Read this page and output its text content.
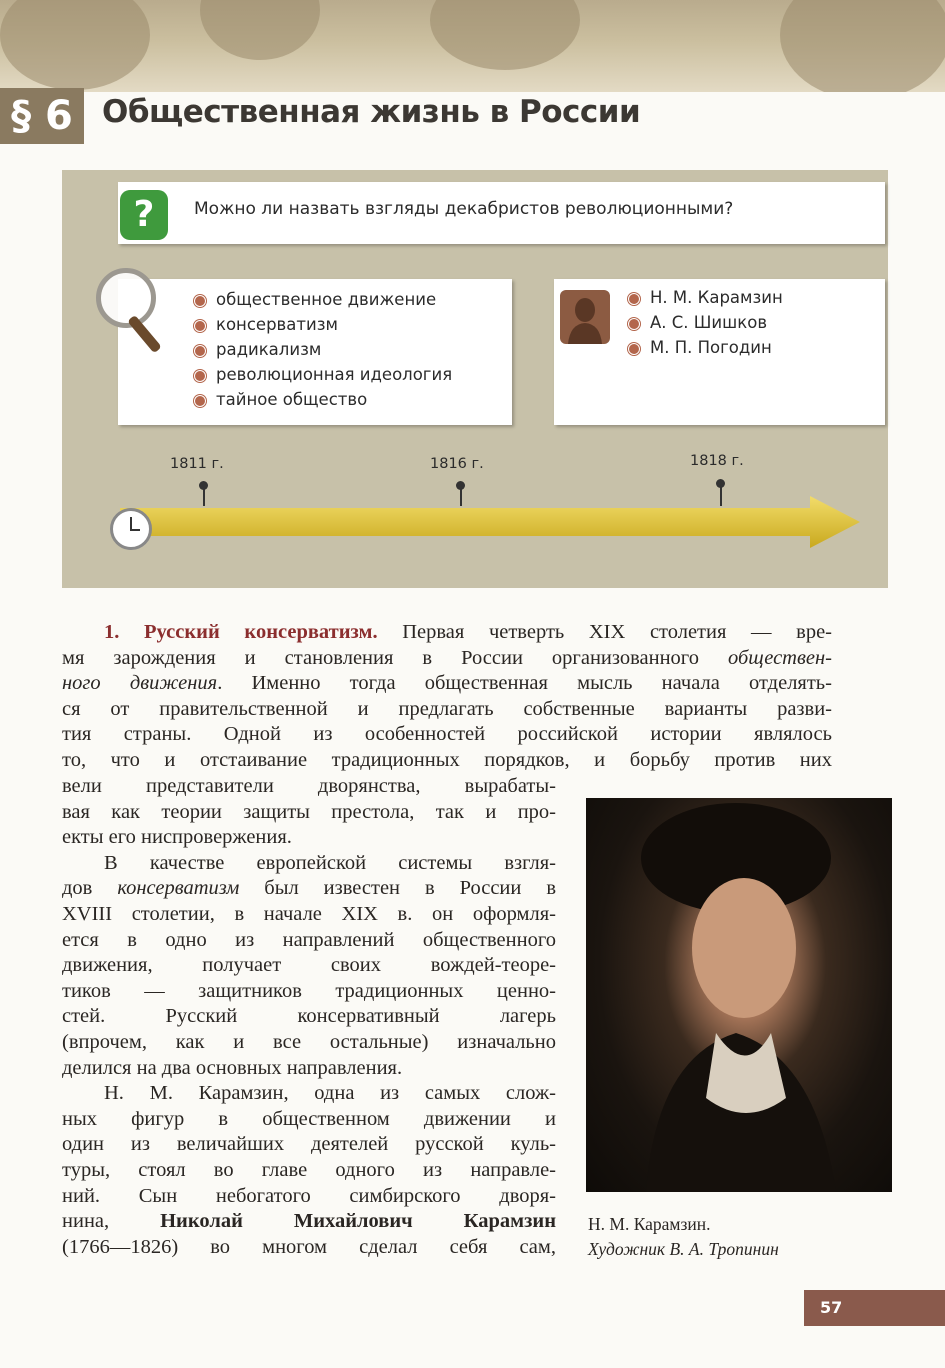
§ 6 Общественная жизнь в России
?	Можно ли назвать взгляды декабристов революционными?
общественное движение
консерватизм
радикализм
революционная идеология
тайное общество
Н. М. Карамзин
А. С. Шишков
М. П. Погодин
1811 г.	1816 г.	1818 г.
1. Русский консерватизм. Первая четверть XIX столетия — вре-
мя зарождения и становления в России организованного обществен-
ного движения. Именно тогда общественная мысль начала отделять-
ся от правительственной и предлагать собственные варианты разви-
тия страны. Одной из особенностей российской истории являлось
то, что и отстаивание традиционных порядков, и борьбу против них
вели представители дворянства, вырабаты-
вая как теории защиты престола, так и про-
екты его ниспровержения.
В качестве европейской системы взгля-
дов консерватизм был известен в России в
XVIII столетии, в начале XIX в. он оформля-
ется в одно из направлений общественного
движения, получает своих вождей-теоре-
тиков — защитников традиционных ценно-
стей. Русский консервативный лагерь
(впрочем, как и все остальные) изначально
делился на два основных направления.
Н. М. Карамзин, одна из самых слож-
ных фигур в общественном движении и
один из величайших деятелей русской куль-
туры, стоял во главе одного из направле-
ний. Сын небогатого симбирского дворя-
нина, Николай Михайлович Карамзин
(1766—1826) во многом сделал себя сам,
Н. М. Карамзин.
Художник В. А. Тропинин
57
